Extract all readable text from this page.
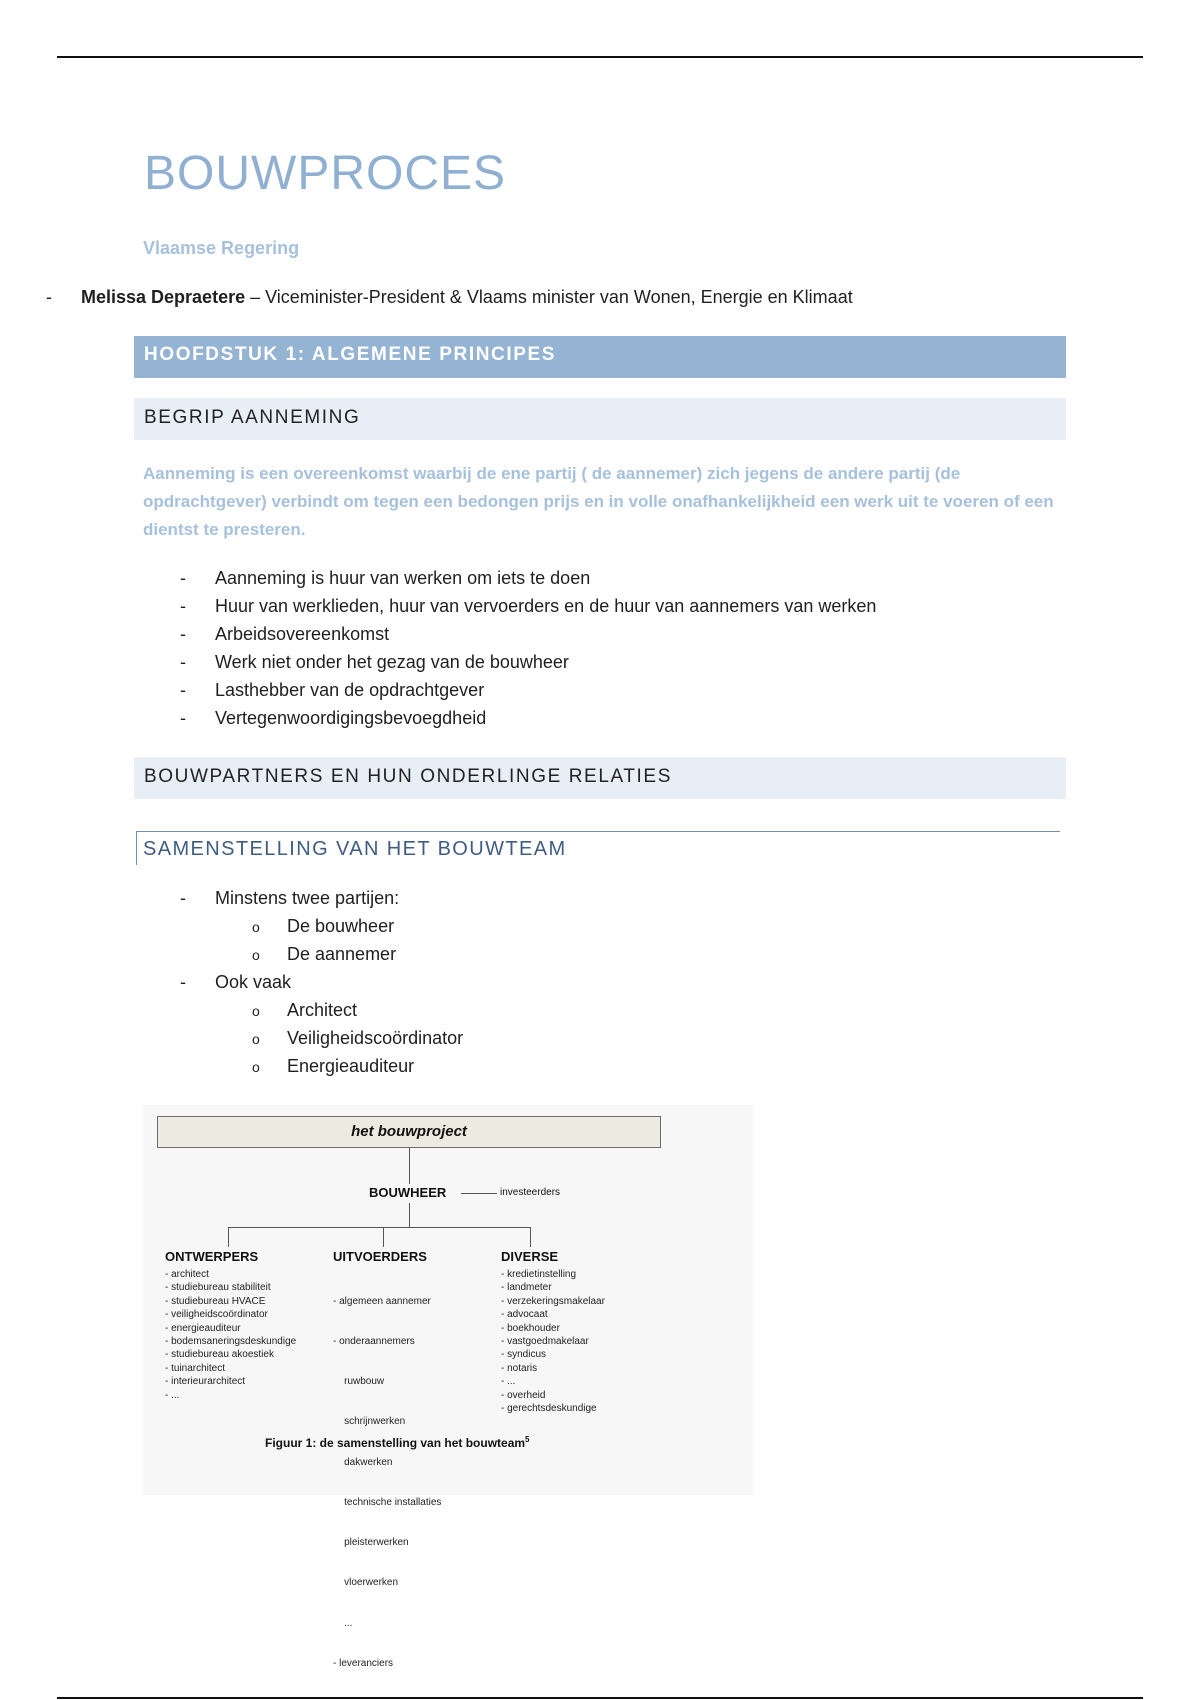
BOUWPROCES

Vlaamse Regering

- Melissa Depraetere – Viceminister-President & Vlaams minister van Wonen, Energie en Klimaat
HOOFDSTUK 1: ALGEMENE PRINCIPES
BEGRIP AANNEMING

Aanneming is een overeenkomst waarbij de ene partij ( de aannemer) zich jegens de andere partij (de opdrachtgever) verbindt om tegen een bedongen prijs en in volle onafhankelijkheid een werk uit te voeren of een dientst te presteren.

- Aanneming is huur van werken om iets te doen
- Huur van werklieden, huur van vervoerders en de huur van aannemers van werken
- Arbeidsovereenkomst
- Werk niet onder het gezag van de bouwheer
- Lasthebber van de opdrachtgever
- Vertegenwoordigingsbevoegdheid
BOUWPARTNERS EN HUN ONDERLINGE RELATIES
SAMENSTELLING VAN HET BOUWTEAM
- Minstens twee partijen:
o De bouwheer
o De aannemer
- Ook vaak
o Architect
o Veiligheidscoördinator
o Energieauditeur
het bouwproject
BOUWHEER	investeerders
ONTWERPERS
- architect
- studiebureau stabiliteit
- studiebureau HVACE
- veiligheidscoördinator
- energieauditeur
- bodemsaneringsdeskundige
- studiebureau akoestiek
- tuinarchitect
- interieurarchitect
- ...
UITVOERDERS

- algemeen aannemer

- onderaannemers

ruwbouw

schrijnwerken

dakwerken

technische installaties

pleisterwerken

vloerwerken

...

- leveranciers

DIVERSE
- kredietinstelling
- landmeter
- verzekeringsmakelaar
- advocaat
- boekhouder
- vastgoedmakelaar
- syndicus
- notaris
- ...
- overheid
- gerechtsdeskundige
Figuur 1: de samenstelling van het bouwteam$^5$
